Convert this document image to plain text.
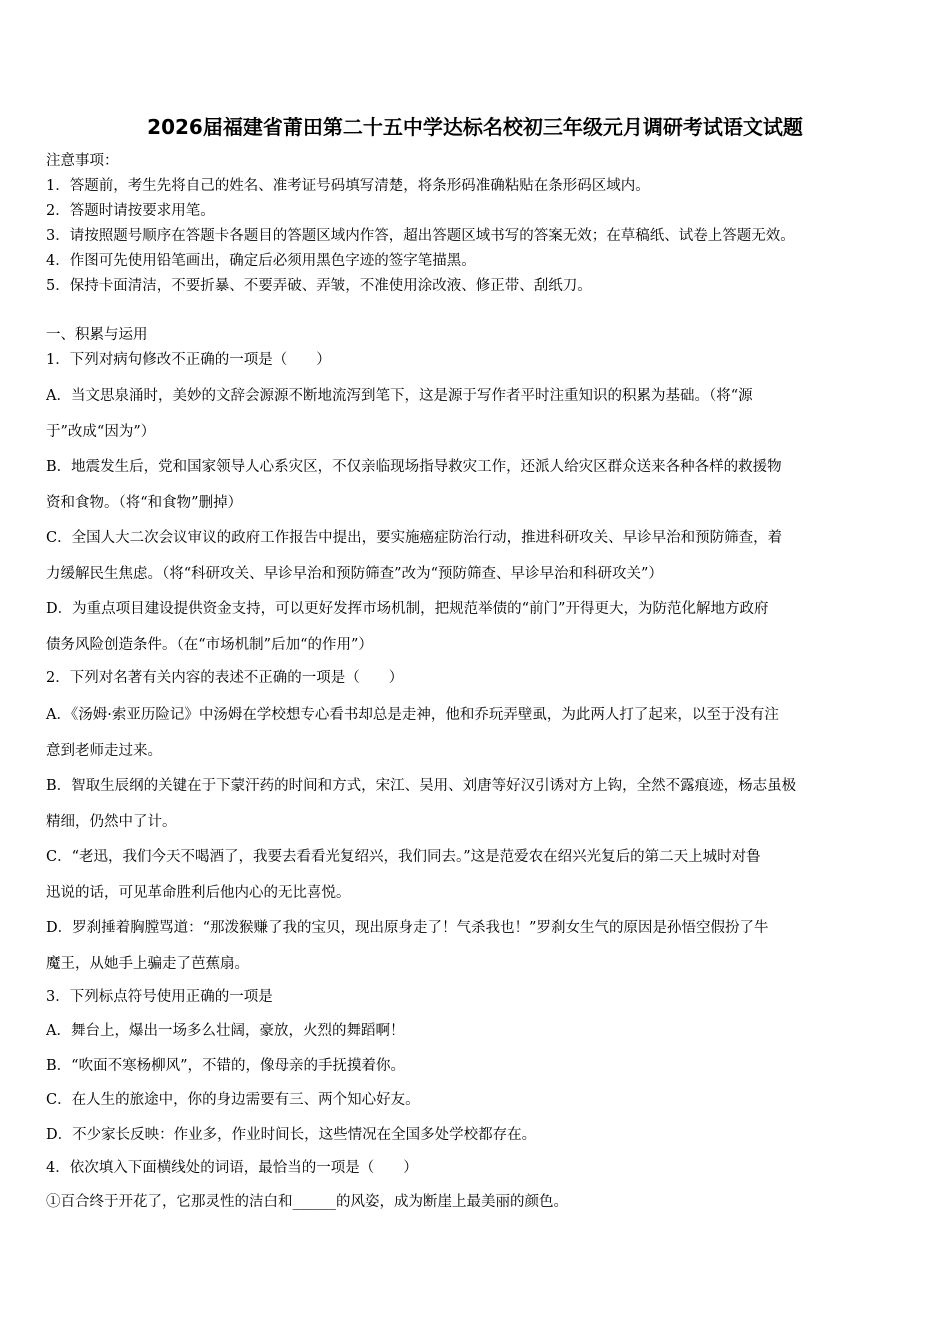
2026届福建省莆田第二十五中学达标名校初三年级元月调研考试语文试题
注意事项：
1．答题前，考生先将自己的姓名、准考证号码填写清楚，将条形码准确粘贴在条形码区域内。
2．答题时请按要求用笔。
3．请按照题号顺序在答题卡各题目的答题区域内作答，超出答题区域书写的答案无效；在草稿纸、试卷上答题无效。
4．作图可先使用铅笔画出，确定后必须用黑色字迹的签字笔描黑。
5．保持卡面清洁，不要折暴、不要弄破、弄皱，不准使用涂改液、修正带、刮纸刀。
一、积累与运用
1．下列对病句修改不正确的一项是（　　）
A．当文思泉涌时，美妙的文辞会源源不断地流泻到笔下，这是源于写作者平时注重知识的积累为基础。（将“源
于”改成“因为”）
B．地震发生后，党和国家领导人心系灾区，不仅亲临现场指导救灾工作，还派人给灾区群众送来各种各样的救援物
资和食物。（将“和食物”删掉）
C．全国人大二次会议审议的政府工作报告中提出，要实施癌症防治行动，推进科研攻关、早诊早治和预防筛查，着
力缓解民生焦虑。（将“科研攻关、早诊早治和预防筛查”改为“预防筛查、早诊早治和科研攻关”）
D．为重点项目建设提供资金支持，可以更好发挥市场机制，把规范举债的“前门”开得更大，为防范化解地方政府
债务风险创造条件。（在“市场机制”后加“的作用”）
2．下列对名著有关内容的表述不正确的一项是（　　）
A．《汤姆·索亚历险记》中汤姆在学校想专心看书却总是走神，他和乔玩弄壁虱，为此两人打了起来，以至于没有注
意到老师走过来。
B．智取生辰纲的关键在于下蒙汗药的时间和方式，宋江、吴用、刘唐等好汉引诱对方上钩，全然不露痕迹，杨志虽极
精细，仍然中了计。
C．“老迅，我们今天不喝酒了，我要去看看光复绍兴，我们同去。”这是范爱农在绍兴光复后的第二天上城时对鲁
迅说的话，可见革命胜利后他内心的无比喜悦。
D．罗刹捶着胸膛骂道：“那泼猴赚了我的宝贝，现出原身走了！气杀我也！”罗刹女生气的原因是孙悟空假扮了牛
魔王，从她手上骗走了芭蕉扇。
3．下列标点符号使用正确的一项是
A．舞台上，爆出一场多么壮阔，豪放，火烈的舞蹈啊！
B．“吹面不寒杨柳风”，不错的，像母亲的手抚摸着你。
C．在人生的旅途中，你的身边需要有三、两个知心好友。
D．不少家长反映：作业多，作业时间长，这些情况在全国多处学校都存在。
4．依次填入下面横线处的词语，最恰当的一项是（　　）
①百合终于开花了，它那灵性的洁白和______的风姿，成为断崖上最美丽的颜色。
